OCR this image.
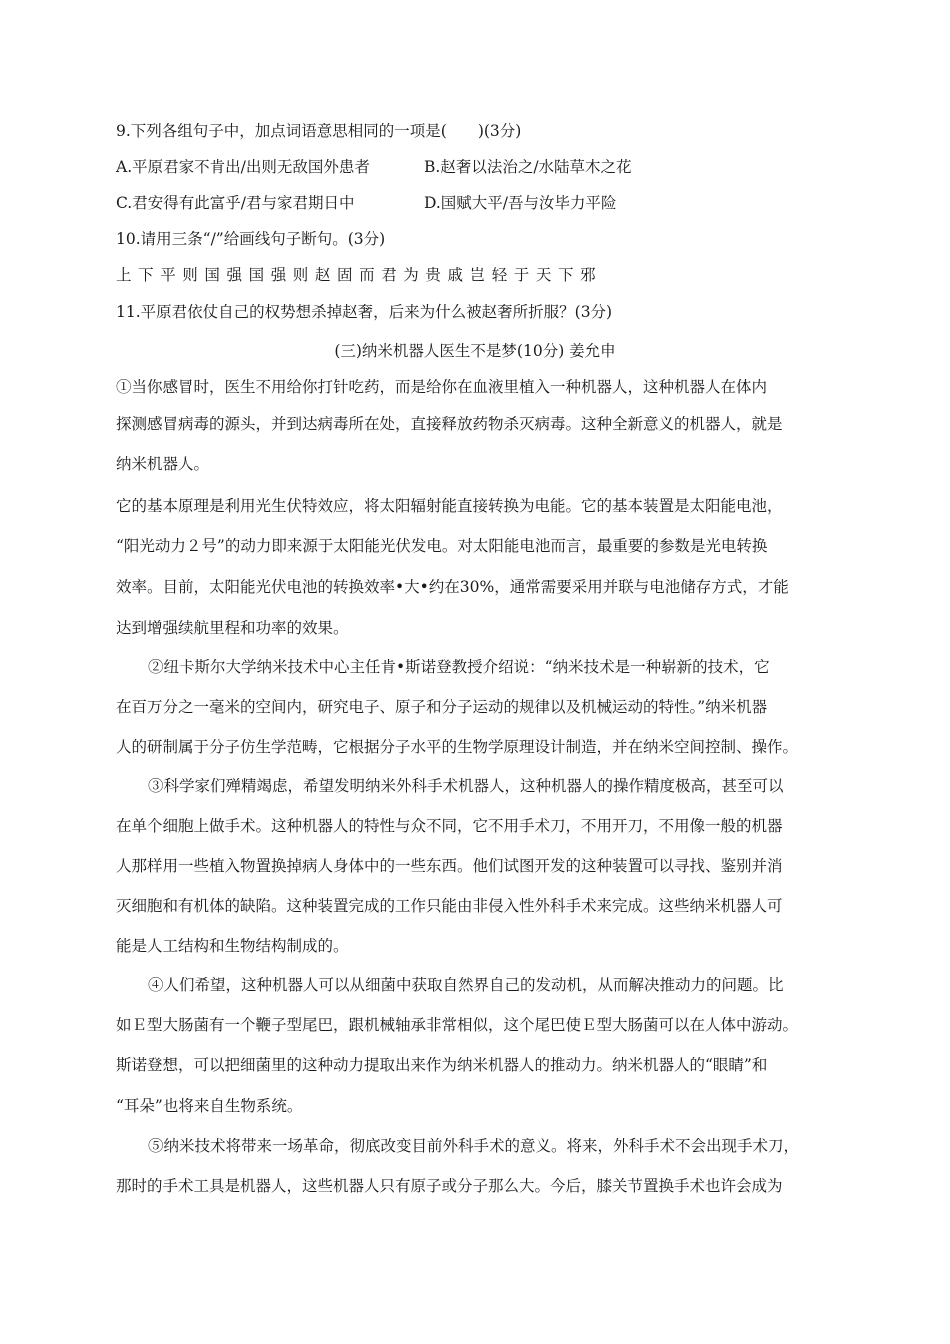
9.下列各组句子中，加点词语意思相同的一项是(　　)(3分)
A.平原君家不肯出/出则无敌国外患者	B.赵奢以法治之/水陆草木之花
C.君安得有此富乎/君与家君期日中	D.国赋大平/吾与汝毕力平险
10.请用三条“/”给画线句子断句。(3分)
上下平则国强国强则赵固而君为贵戚岂轻于天下邪
11.平原君依仗自己的权势想杀掉赵奢，后来为什么被赵奢所折服？(3分)
(三)纳米机器人医生不是梦(10分) 姜允申
①当你感冒时，医生不用给你打针吃药，而是给你在血液里植入一种机器人，这种机器人在体内
探测感冒病毒的源头，并到达病毒所在处，直接释放药物杀灭病毒。这种全新意义的机器人，就是
纳米机器人。
它的基本原理是利用光生伏特效应，将太阳辐射能直接转换为电能。它的基本装置是太阳能电池，
“阳光动力２号”的动力即来源于太阳能光伏发电。对太阳能电池而言，最重要的参数是光电转换
效率。目前，太阳能光伏电池的转换效率•大•约在30%，通常需要采用并联与电池储存方式，才能
达到增强续航里程和功率的效果。
②纽卡斯尔大学纳米技术中心主任肯•斯诺登教授介绍说：“纳米技术是一种崭新的技术，它
在百万分之一毫米的空间内，研究电子、原子和分子运动的规律以及机械运动的特性。”纳米机器
人的研制属于分子仿生学范畴，它根据分子水平的生物学原理设计制造，并在纳米空间控制、操作。
③科学家们殚精竭虑，希望发明纳米外科手术机器人，这种机器人的操作精度极高，甚至可以
在单个细胞上做手术。这种机器人的特性与众不同，它不用手术刀，不用开刀，不用像一般的机器
人那样用一些植入物置换掉病人身体中的一些东西。他们试图开发的这种装置可以寻找、鉴别并消
灭细胞和有机体的缺陷。这种装置完成的工作只能由非侵入性外科手术来完成。这些纳米机器人可
能是人工结构和生物结构制成的。
④人们希望，这种机器人可以从细菌中获取自然界自己的发动机，从而解决推动力的问题。比
如Ｅ型大肠菌有一个鞭子型尾巴，跟机械轴承非常相似，这个尾巴使Ｅ型大肠菌可以在人体中游动。
斯诺登想，可以把细菌里的这种动力提取出来作为纳米机器人的推动力。纳米机器人的“眼睛”和
“耳朵”也将来自生物系统。
⑤纳米技术将带来一场革命，彻底改变目前外科手术的意义。将来，外科手术不会出现手术刀，
那时的手术工具是机器人，这些机器人只有原子或分子那么大。今后，膝关节置换手术也许会成为
